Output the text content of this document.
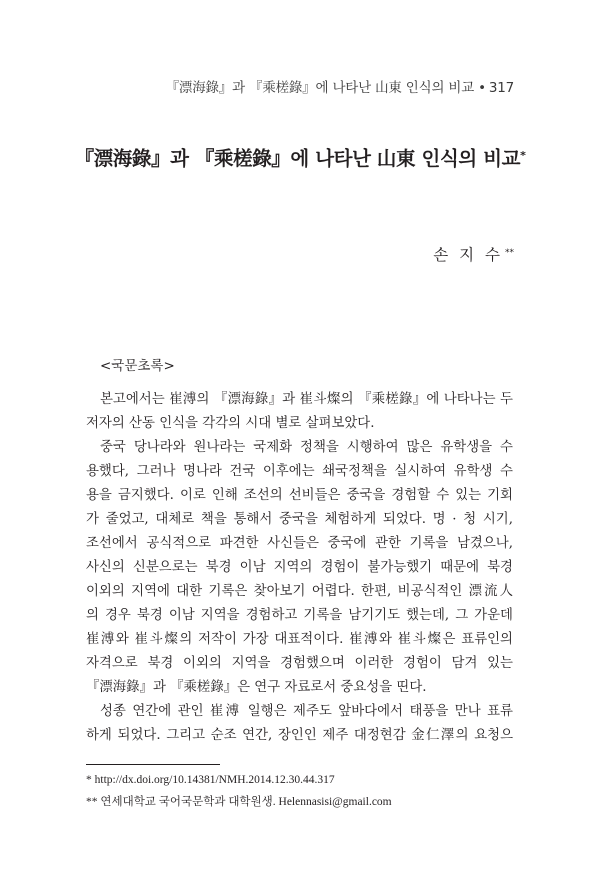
『漂海錄』과 『乘槎錄』에 나타난 山東 인식의 비교 • 317
『漂海錄』과 『乘槎錄』에 나타난 山東 인식의 비교*
손 지 수 **
<국문초록>
본고에서는 崔溥의 『漂海錄』과 崔斗燦의 『乘槎錄』에 나타나는 두
저자의 산동 인식을 각각의 시대 별로 살펴보았다.
중국 당나라와 원나라는 국제화 정책을 시행하여 많은 유학생을 수
용했다, 그러나 명나라 건국 이후에는 쇄국정책을 실시하여 유학생 수
용을 금지했다. 이로 인해 조선의 선비들은 중국을 경험할 수 있는 기회
가 줄었고, 대체로 책을 통해서 중국을 체험하게 되었다. 명 · 청 시기,
조선에서 공식적으로 파견한 사신들은 중국에 관한 기록을 남겼으나,
사신의 신분으로는 북경 이남 지역의 경험이 불가능했기 때문에 북경
이외의 지역에 대한 기록은 찾아보기 어렵다. 한편, 비공식적인 漂流人
의 경우 북경 이남 지역을 경험하고 기록을 남기기도 했는데, 그 가운데
崔溥와 崔斗燦의 저작이 가장 대표적이다. 崔溥와 崔斗燦은 표류인의
자격으로 북경 이외의 지역을 경험했으며 이러한 경험이 담겨 있는
『漂海錄』과 『乘槎錄』은 연구 자료로서 중요성을 띤다.
성종 연간에 관인 崔溥 일행은 제주도 앞바다에서 태풍을 만나 표류
하게 되었다. 그리고 순조 연간, 장인인 제주 대정현감 金仁澤의 요청으
* http://dx.doi.org/10.14381/NMH.2014.12.30.44.317
** 연세대학교 국어국문학과 대학원생. Helennasisi@gmail.com
